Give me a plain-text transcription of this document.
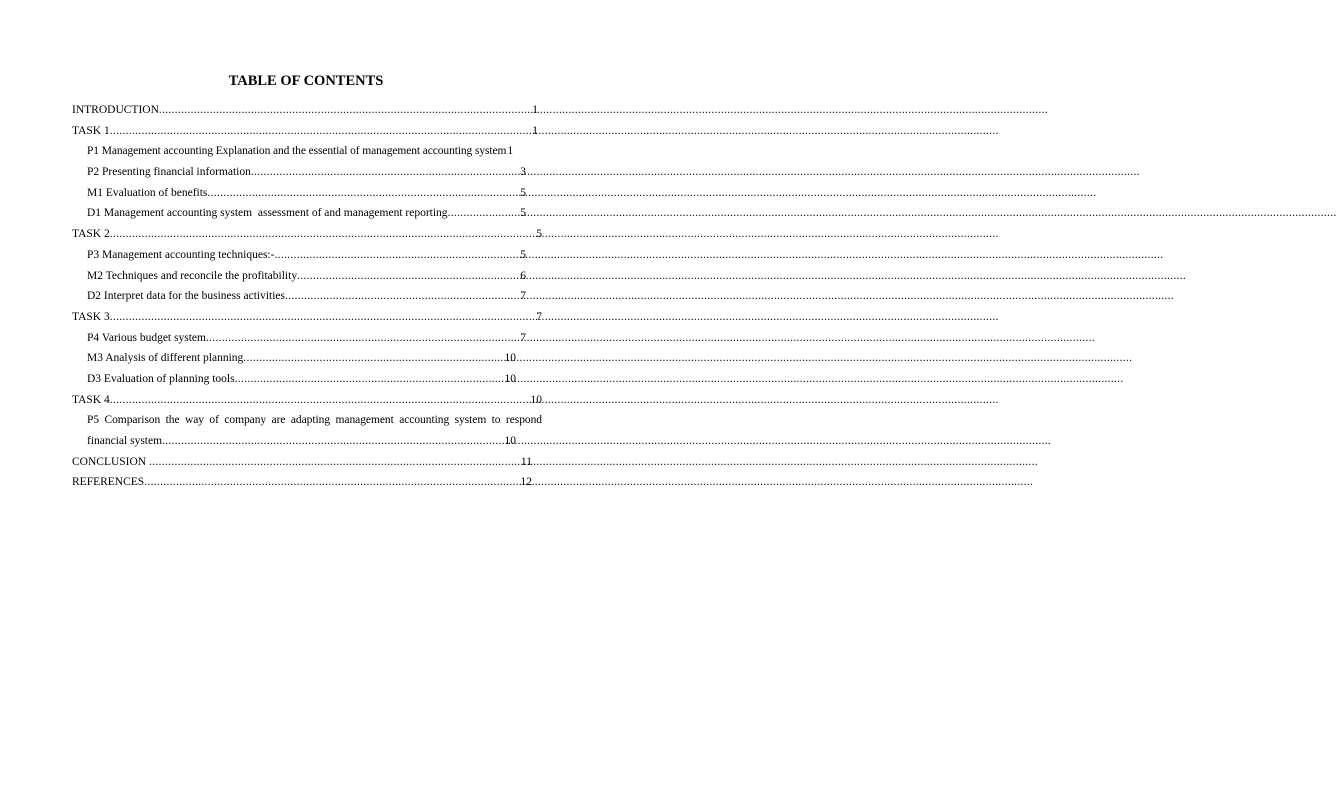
TABLE OF CONTENTS
INTRODUCTION .....	1
TASK 1 .....	1
P1 Management accounting Explanation and the essential of management accounting system 1
P2 Presenting financial information .....	3
M1 Evaluation of benefits .....	5
D1 Management accounting system  assessment of and management reporting .....	5
TASK 2 .....	5
P3 Management accounting techniques:- .....	5
M2 Techniques and reconcile the profitability .....	6
D2 Interpret data for the business activities .....	7
TASK 3 .....	7
P4 Various budget system .....	7
M3 Analysis of different planning .....	10
D3 Evaluation of planning tools .....	10
TASK 4 .....	10
P5 Comparison the way of company are adapting management accounting system to respond
financial system .....	10
CONCLUSION .....	11
REFERENCES .....	12
